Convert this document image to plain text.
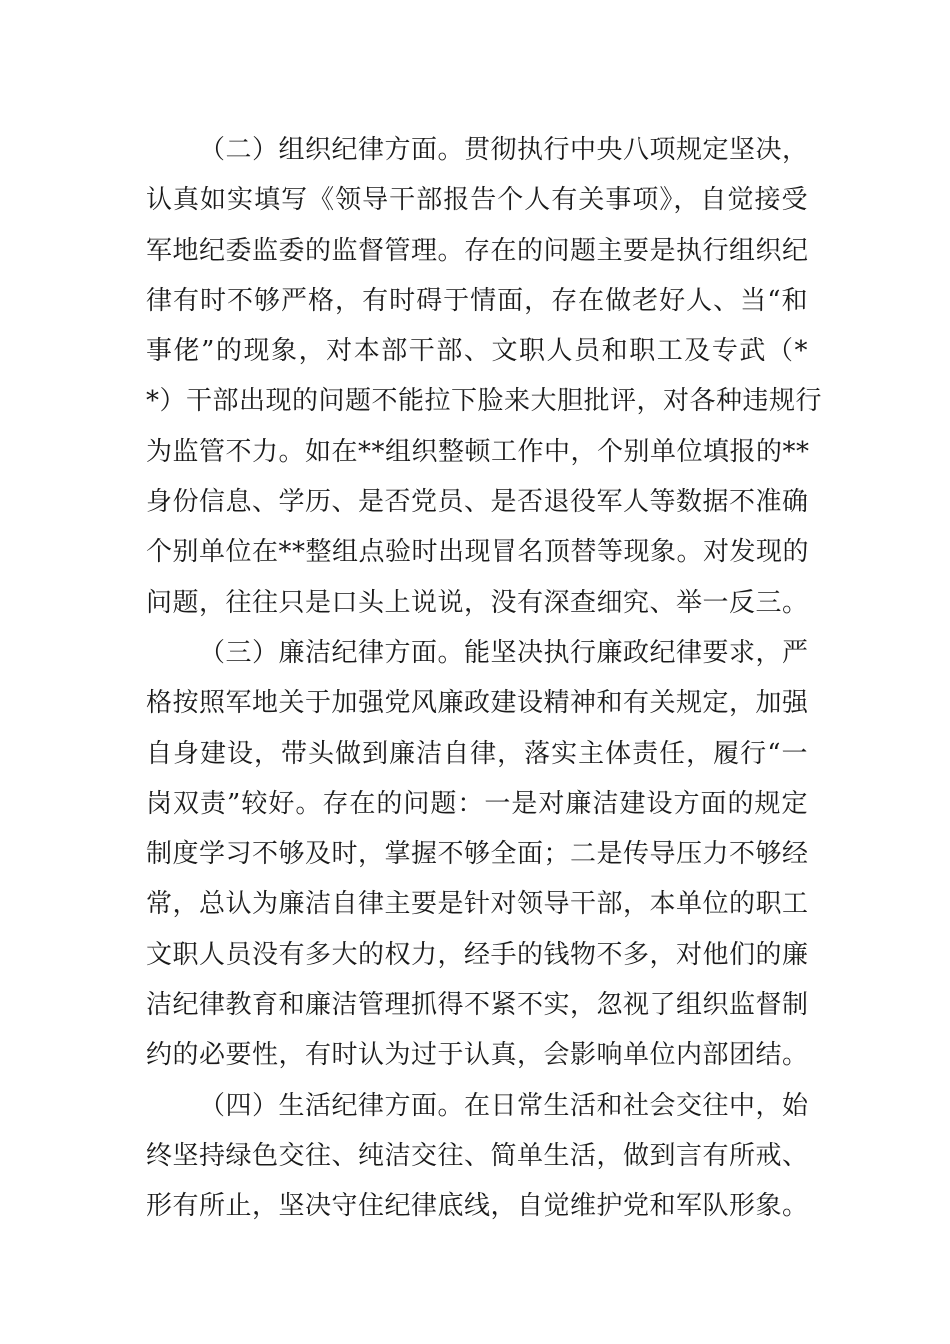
（二）组织纪律方面。贯彻执行中央八项规定坚决，
认真如实填写《领导干部报告个人有关事项》，自觉接受
军地纪委监委的监督管理。存在的问题主要是执行组织纪
律有时不够严格，有时碍于情面，存在做老好人、当“和
事佬”的现象，对本部干部、文职人员和职工及专武（*
*）干部出现的问题不能拉下脸来大胆批评，对各种违规行
为监管不力。如在**组织整顿工作中，个别单位填报的**
身份信息、学历、是否党员、是否退役军人等数据不准确
个别单位在**整组点验时出现冒名顶替等现象。对发现的
问题，往往只是口头上说说，没有深查细究、举一反三。
（三）廉洁纪律方面。能坚决执行廉政纪律要求，严
格按照军地关于加强党风廉政建设精神和有关规定，加强
自身建设，带头做到廉洁自律，落实主体责任，履行“一
岗双责”较好。存在的问题：一是对廉洁建设方面的规定
制度学习不够及时，掌握不够全面；二是传导压力不够经
常，总认为廉洁自律主要是针对领导干部，本单位的职工
文职人员没有多大的权力，经手的钱物不多，对他们的廉
洁纪律教育和廉洁管理抓得不紧不实，忽视了组织监督制
约的必要性，有时认为过于认真，会影响单位内部团结。
（四）生活纪律方面。在日常生活和社会交往中，始
终坚持绿色交往、纯洁交往、简单生活，做到言有所戒、
形有所止，坚决守住纪律底线，自觉维护党和军队形象。
